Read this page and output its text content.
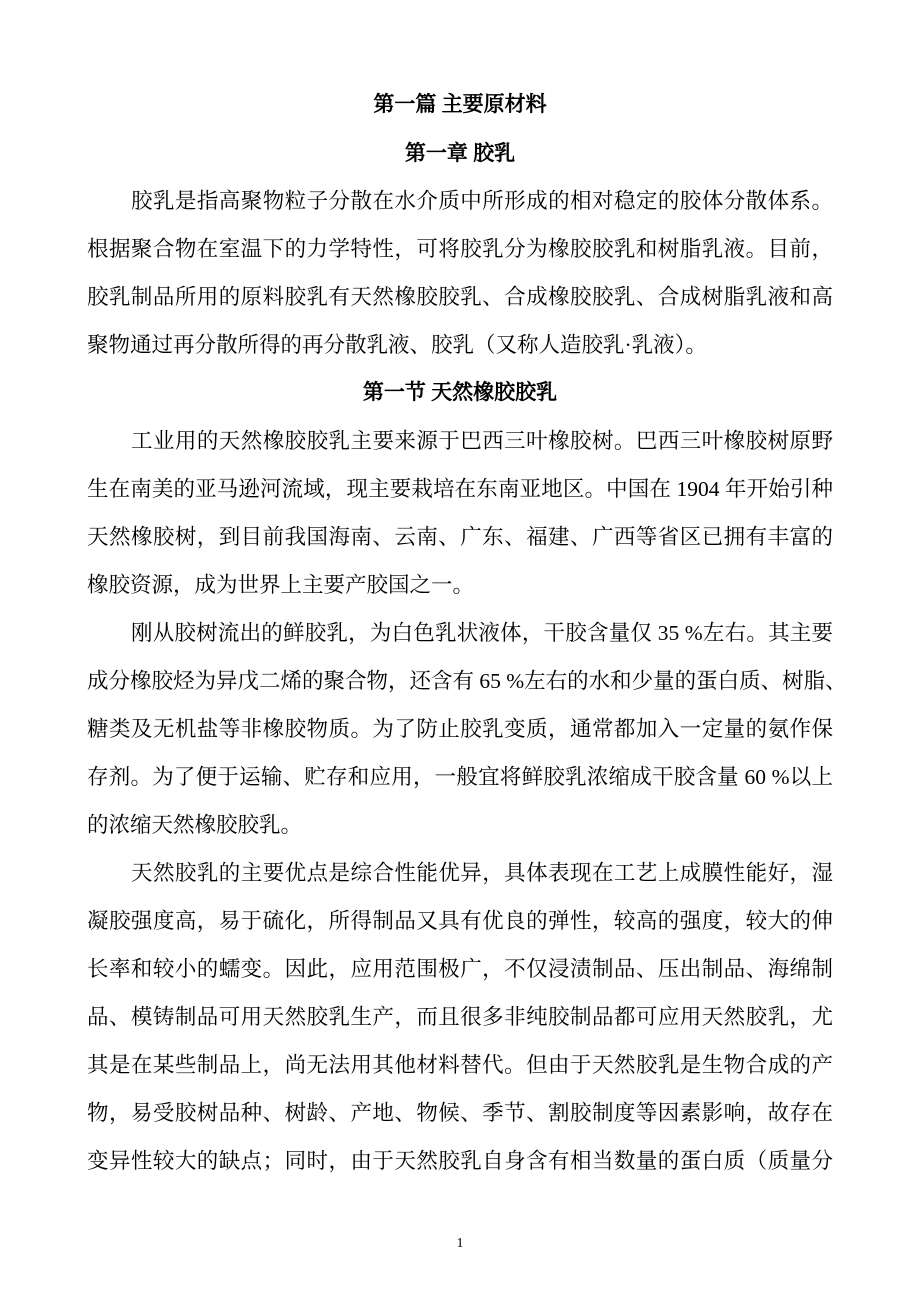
第一篇 主要原材料
第一章 胶乳
胶乳是指高聚物粒子分散在水介质中所形成的相对稳定的胶体分散体系。
根据聚合物在室温下的力学特性，可将胶乳分为橡胶胶乳和树脂乳液。目前，
胶乳制品所用的原料胶乳有天然橡胶胶乳、合成橡胶胶乳、合成树脂乳液和高
聚物通过再分散所得的再分散乳液、胶乳（又称人造胶乳·乳液）。
第一节 天然橡胶胶乳
工业用的天然橡胶胶乳主要来源于巴西三叶橡胶树。巴西三叶橡胶树原野
生在南美的亚马逊河流域，现主要栽培在东南亚地区。中国在 1904 年开始引种
天然橡胶树，到目前我国海南、云南、广东、福建、广西等省区已拥有丰富的
橡胶资源，成为世界上主要产胶国之一。
刚从胶树流出的鲜胶乳，为白色乳状液体，干胶含量仅 35 %左右。其主要
成分橡胶烃为异戊二烯的聚合物，还含有 65 %左右的水和少量的蛋白质、树脂、
糖类及无机盐等非橡胶物质。为了防止胶乳变质，通常都加入一定量的氨作保
存剂。为了便于运输、贮存和应用，一般宜将鲜胶乳浓缩成干胶含量 60 %以上
的浓缩天然橡胶胶乳。
天然胶乳的主要优点是综合性能优异，具体表现在工艺上成膜性能好，湿
凝胶强度高，易于硫化，所得制品又具有优良的弹性，较高的强度，较大的伸
长率和较小的蠕变。因此，应用范围极广，不仅浸渍制品、压出制品、海绵制
品、模铸制品可用天然胶乳生产，而且很多非纯胶制品都可应用天然胶乳，尤
其是在某些制品上，尚无法用其他材料替代。但由于天然胶乳是生物合成的产
物，易受胶树品种、树龄、产地、物候、季节、割胶制度等因素影响，故存在
变异性较大的缺点；同时，由于天然胶乳自身含有相当数量的蛋白质（质量分
1
